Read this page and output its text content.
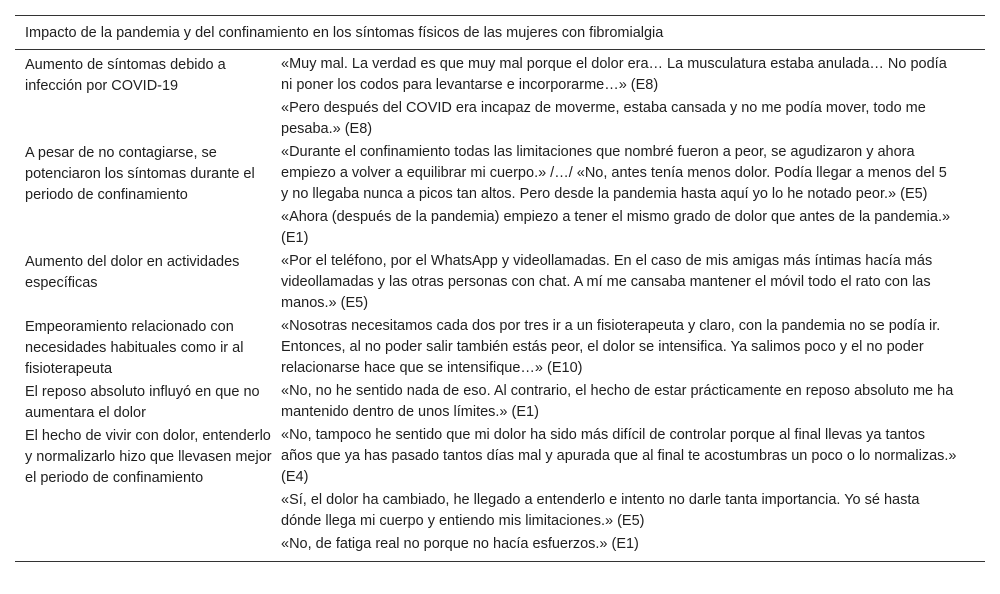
Impacto de la pandemia y del confinamiento en los síntomas físicos de las mujeres con fibromialgia
Aumento de síntomas debido a infección por COVID-19
«Muy mal. La verdad es que muy mal porque el dolor era… La musculatura estaba anulada… No podía ni poner los codos para levantarse e incorporarme…» (E8)
«Pero después del COVID era incapaz de moverme, estaba cansada y no me podía mover, todo me pesaba.» (E8)
A pesar de no contagiarse, se potenciaron los síntomas durante el periodo de confinamiento
«Durante el confinamiento todas las limitaciones que nombré fueron a peor, se agudizaron y ahora empiezo a volver a equilibrar mi cuerpo.» /…/ «No, antes tenía menos dolor. Podía llegar a menos del 5 y no llegaba nunca a picos tan altos. Pero desde la pandemia hasta aquí yo lo he notado peor.» (E5)
«Ahora (después de la pandemia) empiezo a tener el mismo grado de dolor que antes de la pandemia.» (E1)
Aumento del dolor en actividades específicas
«Por el teléfono, por el WhatsApp y videollamadas. En el caso de mis amigas más íntimas hacía más videollamadas y las otras personas con chat. A mí me cansaba mantener el móvil todo el rato con las manos.» (E5)
Empeoramiento relacionado con necesidades habituales como ir al fisioterapeuta
«Nosotras necesitamos cada dos por tres ir a un fisioterapeuta y claro, con la pandemia no se podía ir. Entonces, al no poder salir también estás peor, el dolor se intensifica. Ya salimos poco y el no poder relacionarse hace que se intensifique…» (E10)
El reposo absoluto influyó en que no aumentara el dolor
«No, no he sentido nada de eso. Al contrario, el hecho de estar prácticamente en reposo absoluto me ha mantenido dentro de unos límites.» (E1)
El hecho de vivir con dolor, entenderlo y normalizarlo hizo que llevasen mejor el periodo de confinamiento
«No, tampoco he sentido que mi dolor ha sido más difícil de controlar porque al final llevas ya tantos años que ya has pasado tantos días mal y apurada que al final te acostumbras un poco o lo normalizas.» (E4)
«Sí, el dolor ha cambiado, he llegado a entenderlo e intento no darle tanta importancia. Yo sé hasta dónde llega mi cuerpo y entiendo mis limitaciones.» (E5)
«No, de fatiga real no porque no hacía esfuerzos.» (E1)
